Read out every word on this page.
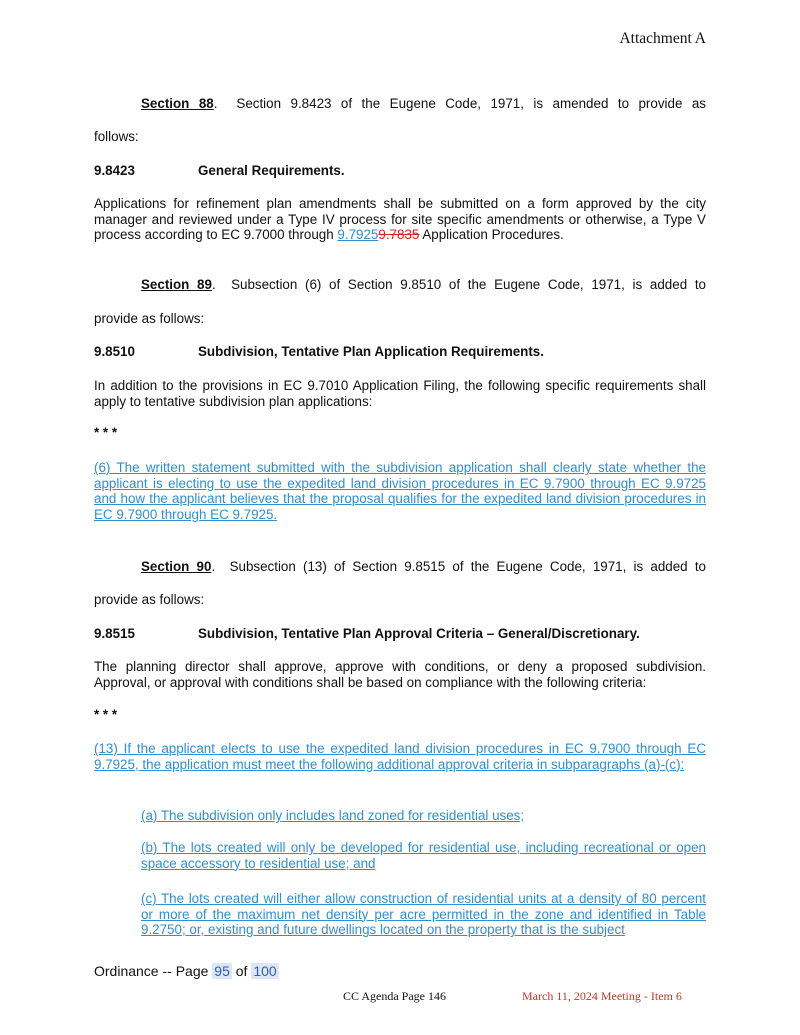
Attachment A
Section 88.  Section 9.8423 of the Eugene Code, 1971, is amended to provide as
follows:
9.8423	General Requirements.
Applications for refinement plan amendments shall be submitted on a form approved by the city manager and reviewed under a Type IV process for site specific amendments or otherwise, a Type V process according to EC 9.7000 through 9.79259.7835 Application Procedures.
Section 89.  Subsection (6) of Section 9.8510 of the Eugene Code, 1971, is added to
provide as follows:
9.8510	Subdivision, Tentative Plan Application Requirements.
In addition to the provisions in EC 9.7010 Application Filing, the following specific requirements shall apply to tentative subdivision plan applications:
* * *
(6) The written statement submitted with the subdivision application shall clearly state whether the applicant is electing to use the expedited land division procedures in EC 9.7900 through EC 9.9725 and how the applicant believes that the proposal qualifies for the expedited land division procedures in EC 9.7900 through EC 9.7925.
Section 90.  Subsection (13) of Section 9.8515 of the Eugene Code, 1971, is added to
provide as follows:
9.8515	Subdivision, Tentative Plan Approval Criteria – General/Discretionary.
The planning director shall approve, approve with conditions, or deny a proposed subdivision. Approval, or approval with conditions shall be based on compliance with the following criteria:
* * *
(13) If the applicant elects to use the expedited land division procedures in EC 9.7900 through EC 9.7925, the application must meet the following additional approval criteria in subparagraphs (a)-(c):
(a) The subdivision only includes land zoned for residential uses;
(b) The lots created will only be developed for residential use, including recreational or open space accessory to residential use; and
(c) The lots created will either allow construction of residential units at a density of 80 percent or more of the maximum net density per acre permitted in the zone and identified in Table 9.2750; or, existing and future dwellings located on the property that is the subject
Ordinance -- Page 95 of 100
CC Agenda Page 146	March 11, 2024 Meeting - Item 6
